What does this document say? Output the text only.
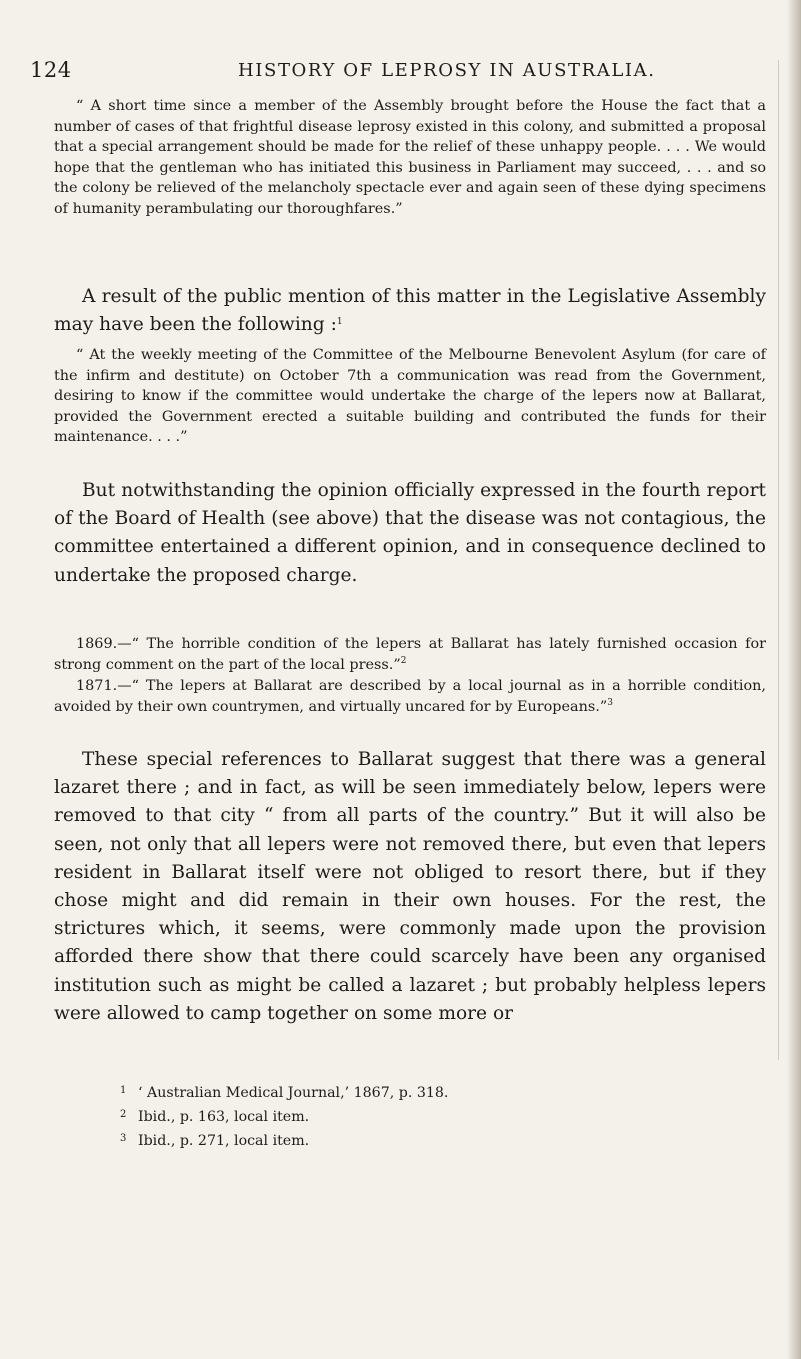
124	HISTORY OF LEPROSY IN AUSTRALIA.

“ A short time since a member of the Assembly brought before the House the fact that a number of cases of that frightful disease leprosy existed in this colony, and submitted a proposal that a special arrangement should be made for the relief of these unhappy people. . . . We would hope that the gentleman who has initiated this business in Parliament may succeed, . . . and so the colony be relieved of the melancholy spectacle ever and again seen of these dying specimens of humanity perambulating our thoroughfares.”

A result of the public mention of this matter in the Legislative Assembly may have been the following :$^1$

“ At the weekly meeting of the Committee of the Melbourne Benevolent Asylum (for care of the infirm and destitute) on October 7th a communication was read from the Government, desiring to know if the committee would undertake the charge of the lepers now at Ballarat, provided the Government erected a suitable building and contributed the funds for their maintenance. . . .”

But notwithstanding the opinion officially expressed in the fourth report of the Board of Health (see above) that the disease was not contagious, the committee entertained a different opinion, and in consequence declined to undertake the proposed charge.

1869.—“ The horrible condition of the lepers at Ballarat has lately furnished occasion for strong comment on the part of the local press.”$^2$

1871.—“ The lepers at Ballarat are described by a local journal as in a horrible condition, avoided by their own countrymen, and virtually uncared for by Europeans.”$^3$

These special references to Ballarat suggest that there was a general lazaret there ; and in fact, as will be seen immediately below, lepers were removed to that city “ from all parts of the country.” But it will also be seen, not only that all lepers were not removed there, but even that lepers resident in Ballarat itself were not obliged to resort there, but if they chose might and did remain in their own houses. For the rest, the strictures which, it seems, were commonly made upon the provision afforded there show that there could scarcely have been any organised institution such as might be called a lazaret ; but probably helpless lepers were allowed to camp together on some more or

1 ‘ Australian Medical Journal,’ 1867, p. 318.
2 Ibid., p. 163, local item.
3 Ibid., p. 271, local item.
